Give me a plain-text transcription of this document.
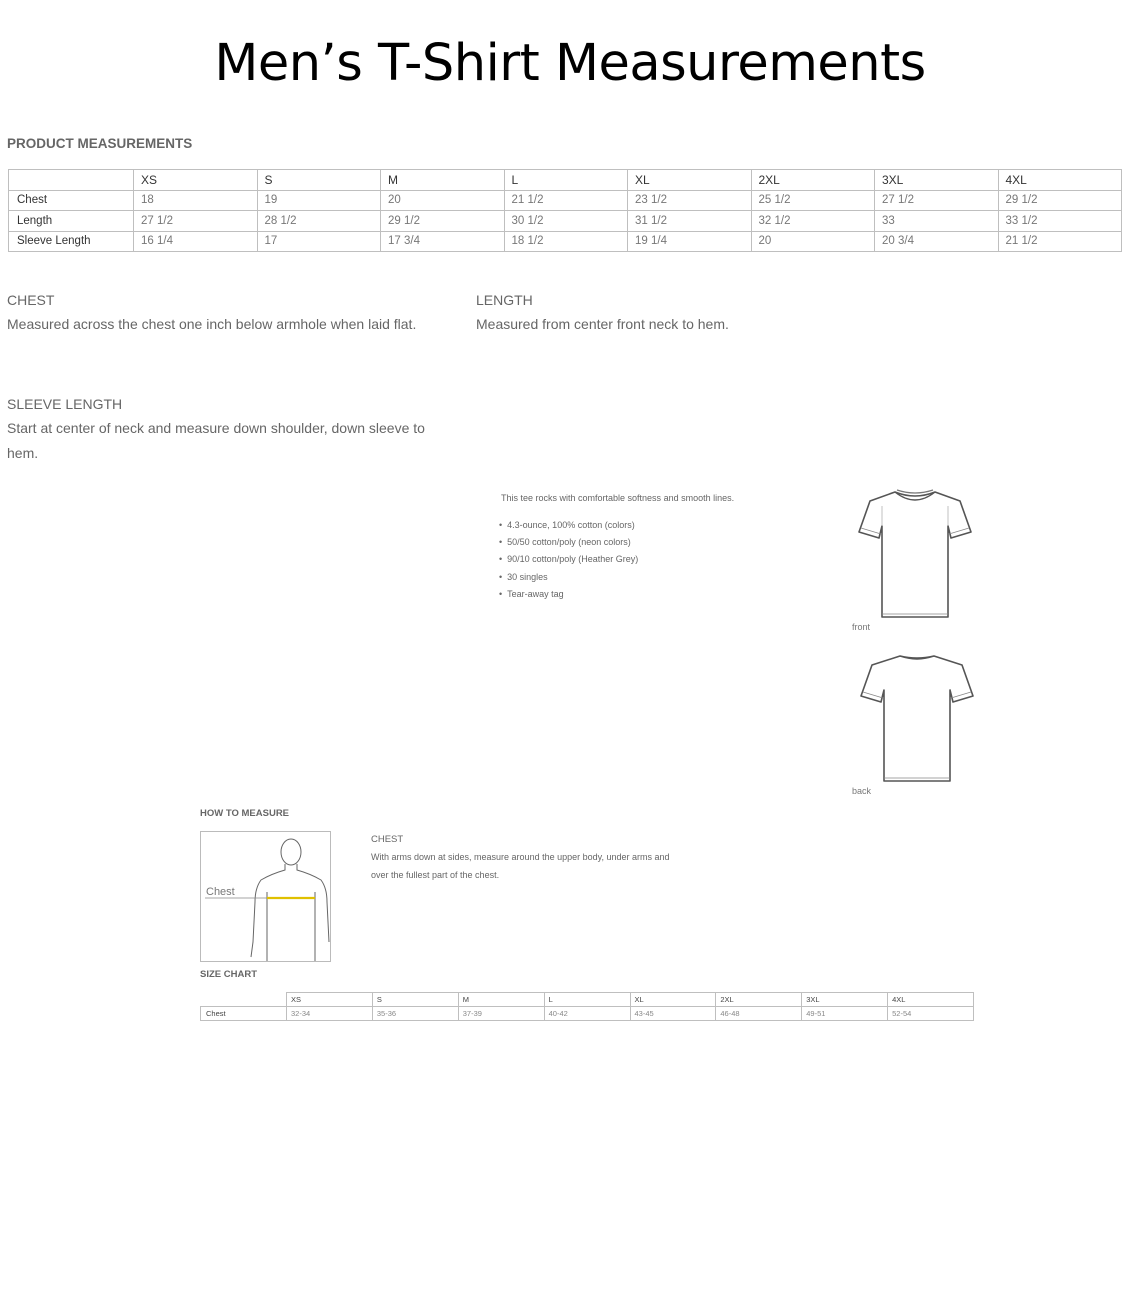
Men’s T-Shirt Measurements
PRODUCT MEASUREMENTS
	XS	S	M	L	XL	2XL	3XL	4XL
Chest	18	19	20	21 1/2	23 1/2	25 1/2	27 1/2	29 1/2
Length	27 1/2	28 1/2	29 1/2	30 1/2	31 1/2	32 1/2	33	33 1/2
Sleeve Length	16 1/4	17	17 3/4	18 1/2	19 1/4	20	20 3/4	21 1/2
CHEST
Measured across the chest one inch below armhole when laid flat.
LENGTH
Measured from center front neck to hem.
SLEEVE LENGTH
Start at center of neck and measure down shoulder, down sleeve to hem.
This tee rocks with comfortable softness and smooth lines.
• 4.3-ounce, 100% cotton (colors)
• 50/50 cotton/poly (neon colors)
• 90/10 cotton/poly (Heather Grey)
• 30 singles
• Tear-away tag
front
back
HOW TO MEASURE
Chest
CHEST
With arms down at sides, measure around the upper body, under arms and over the fullest part of the chest.
SIZE CHART
	XS	S	M	L	XL	2XL	3XL	4XL
Chest	32-34	35-36	37-39	40-42	43-45	46-48	49-51	52-54
